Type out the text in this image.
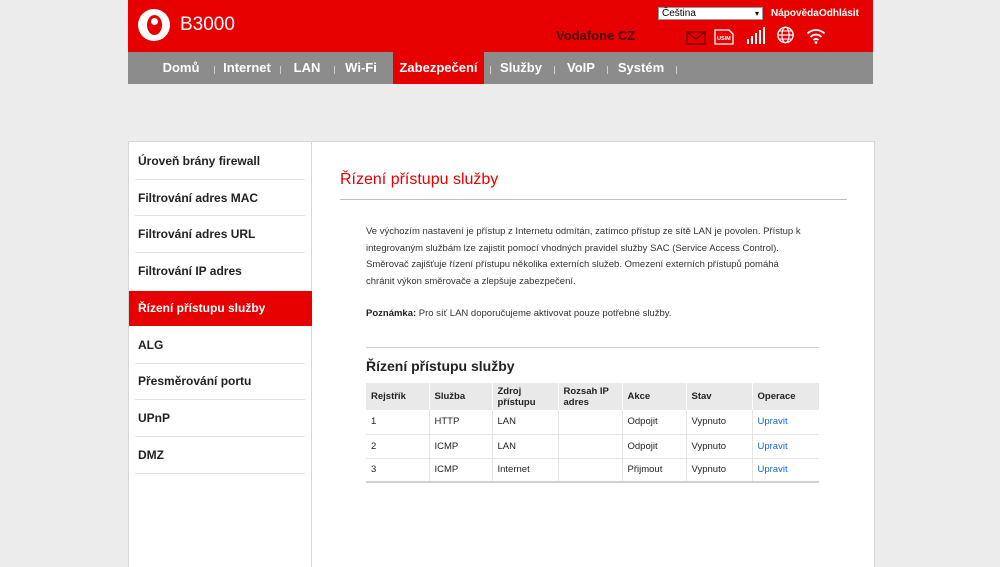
B3000
Čeština	▾ Nápověda Odhlásit
Vodafone CZ	USIM
Domů	Internet	LAN	Wi-Fi	Zabezpečení	Služby	VoIP	Systém
Úroveň brány firewall
Filtrování adres MAC
Filtrování adres URL
Filtrování IP adres
Řízení přístupu služby
ALG
Přesměrování portu
UPnP
DMZ
Řízení přístupu služby
Ve výchozím nastavení je přístup z Internetu odmítán, zatímco přístup ze sítě LAN je povolen. Přístup k integrovaným službám lze zajistit pomocí vhodných pravidel služby SAC (Service Access Control). Směrovač zajišťuje řízení přístupu několika externích služeb. Omezení externích přístupů pomáhá chránit výkon směrovače a zlepšuje zabezpečení.
Poznámka: Pro síť LAN doporučujeme aktivovat pouze potřebné služby.
Řízení přístupu služby
Rejstřík	Služba	Zdroj přístupu	Rozsah IP adres	Akce	Stav	Operace
1	HTTP	LAN		Odpojit	Vypnuto	Upravit
2	ICMP	LAN		Odpojit	Vypnuto	Upravit
3	ICMP	Internet		Přijmout	Vypnuto	Upravit
